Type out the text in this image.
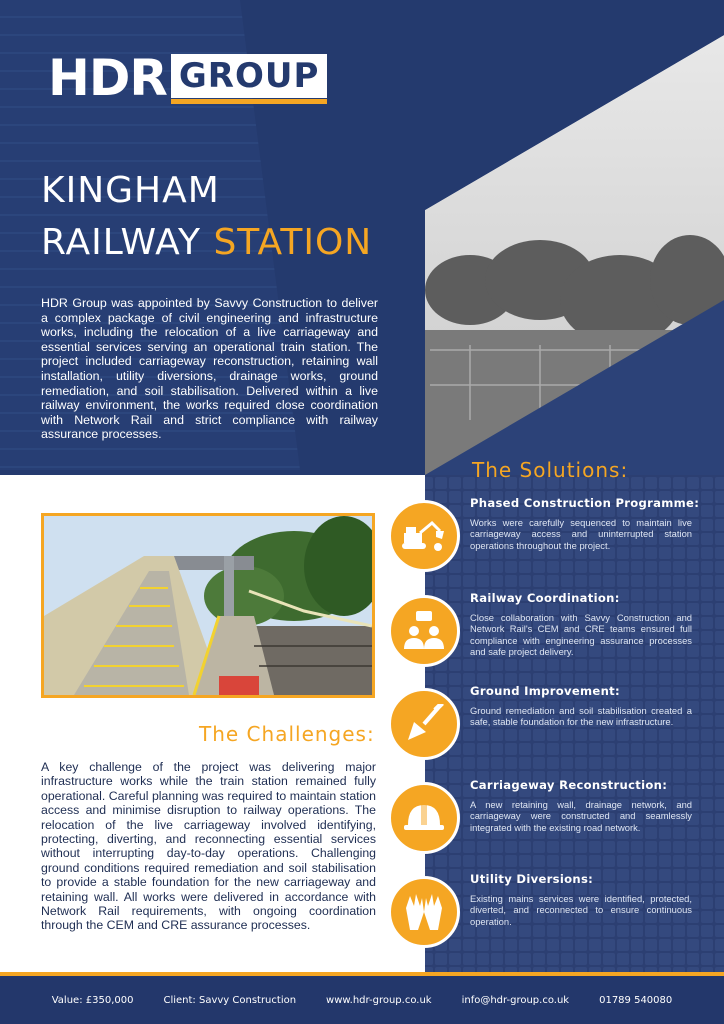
HDR GROUP
KINGHAM
RAILWAY STATION
HDR Group was appointed by Savvy Construction to deliver a complex package of civil engineering and infrastructure works, including the relocation of a live carriageway and essential services serving an operational train station. The project included carriageway reconstruction, retaining wall installation, utility diversions, drainage works, ground remediation, and soil stabilisation. Delivered within a live railway environment, the works required close coordination with Network Rail and strict compliance with railway assurance processes.
The Solutions:
Phased Construction Programme:
Works were carefully sequenced to maintain live carriageway access and uninterrupted station operations throughout the project.
Railway Coordination:
Close collaboration with Savvy Construction and Network Rail's CEM and CRE teams ensured full compliance with engineering assurance processes and safe project delivery.
Ground Improvement:
Ground remediation and soil stabilisation created a safe, stable foundation for the new infrastructure.
Carriageway Reconstruction:
A new retaining wall, drainage network, and carriageway were constructed and seamlessly integrated with the existing road network.
Utility Diversions:
Existing mains services were identified, protected, diverted, and reconnected to ensure continuous operation.
The Challenges:
A key challenge of the project was delivering major infrastructure works while the train station remained fully operational. Careful planning was required to maintain station access and minimise disruption to railway operations. The relocation of the live carriageway involved identifying, protecting, diverting, and reconnecting essential services without interrupting day-to-day operations. Challenging ground conditions required remediation and soil stabilisation to provide a stable foundation for the new carriageway and retaining wall. All works were delivered in accordance with Network Rail requirements, with ongoing coordination through the CEM and CRE assurance processes.
Value: £350,000	Client: Savvy Construction	www.hdr-group.co.uk	info@hdr-group.co.uk	01789 540080
